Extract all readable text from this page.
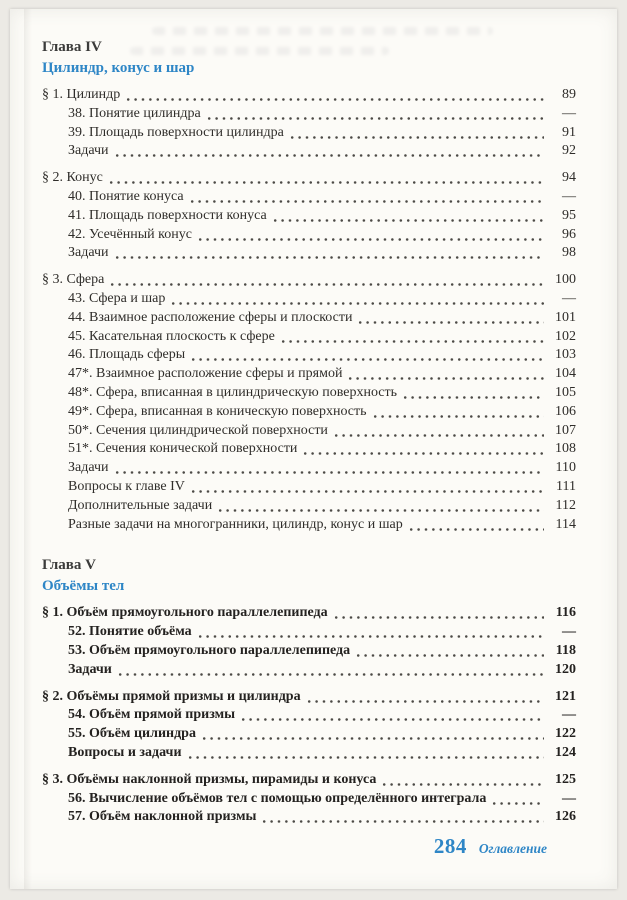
Глава IV
Цилиндр, конус и шар
§ 1. Цилиндр	89
38. Понятие цилиндра	—
39. Площадь поверхности цилиндра	91
Задачи	92
§ 2. Конус	94
40. Понятие конуса	—
41. Площадь поверхности конуса	95
42. Усечённый конус	96
Задачи	98
§ 3. Сфера	100
43. Сфера и шар	—
44. Взаимное расположение сферы и плоскости	101
45. Касательная плоскость к сфере	102
46. Площадь сферы	103
47*. Взаимное расположение сферы и прямой	104
48*. Сфера, вписанная в цилиндрическую поверхность	105
49*. Сфера, вписанная в коническую поверхность	106
50*. Сечения цилиндрической поверхности	107
51*. Сечения конической поверхности	108
Задачи	110
Вопросы к главе IV	111
Дополнительные задачи	112
Разные задачи на многогранники, цилиндр, конус и шар	114
Глава V
Объёмы тел
§ 1. Объём прямоугольного параллелепипеда	116
52. Понятие объёма	—
53. Объём прямоугольного параллелепипеда	118
Задачи	120
§ 2. Объёмы прямой призмы и цилиндра	121
54. Объём прямой призмы	—
55. Объём цилиндра	122
Вопросы и задачи	124
§ 3. Объёмы наклонной призмы, пирамиды и конуса	125
56. Вычисление объёмов тел с помощью определённого интеграла	—
57. Объём наклонной призмы	126
284 Оглавление
